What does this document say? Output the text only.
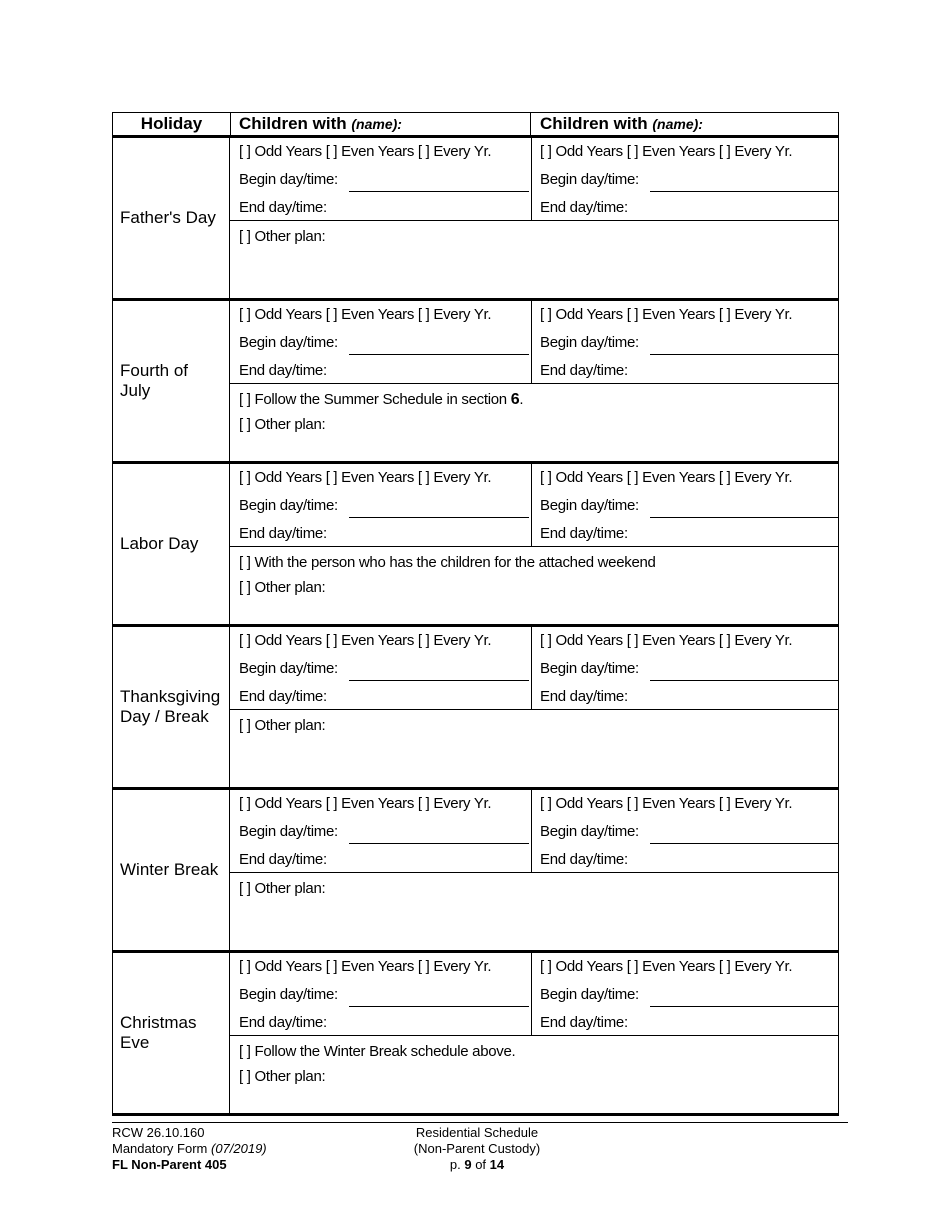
Holiday	Children with (name):	Children with (name):
Father's Day
[ ] Odd Years [ ] Even Years [ ] Every Yr.
Begin day/time:
End day/time:
[ ] Odd Years [ ] Even Years [ ] Every Yr.
Begin day/time:
End day/time:
[ ] Other plan:
Fourth of
July
[ ] Odd Years [ ] Even Years [ ] Every Yr.
Begin day/time:
End day/time:
[ ] Odd Years [ ] Even Years [ ] Every Yr.
Begin day/time:
End day/time:
[ ] Follow the Summer Schedule in section 6.
[ ] Other plan:
Labor Day
[ ] Odd Years [ ] Even Years [ ] Every Yr.
Begin day/time:
End day/time:
[ ] Odd Years [ ] Even Years [ ] Every Yr.
Begin day/time:
End day/time:
[ ] With the person who has the children for the attached weekend
[ ] Other plan:
Thanksgiving
Day / Break
[ ] Odd Years [ ] Even Years [ ] Every Yr.
Begin day/time:
End day/time:
[ ] Odd Years [ ] Even Years [ ] Every Yr.
Begin day/time:
End day/time:
[ ] Other plan:
Winter Break
[ ] Odd Years [ ] Even Years [ ] Every Yr.
Begin day/time:
End day/time:
[ ] Odd Years [ ] Even Years [ ] Every Yr.
Begin day/time:
End day/time:
[ ] Other plan:
Christmas
Eve
[ ] Odd Years [ ] Even Years [ ] Every Yr.
Begin day/time:
End day/time:
[ ] Odd Years [ ] Even Years [ ] Every Yr.
Begin day/time:
End day/time:
[ ] Follow the Winter Break schedule above.
[ ] Other plan:
RCW 26.10.160
Mandatory Form (07/2019)
FL Non-Parent 405
Residential Schedule
(Non-Parent Custody)
p. 9 of 14
